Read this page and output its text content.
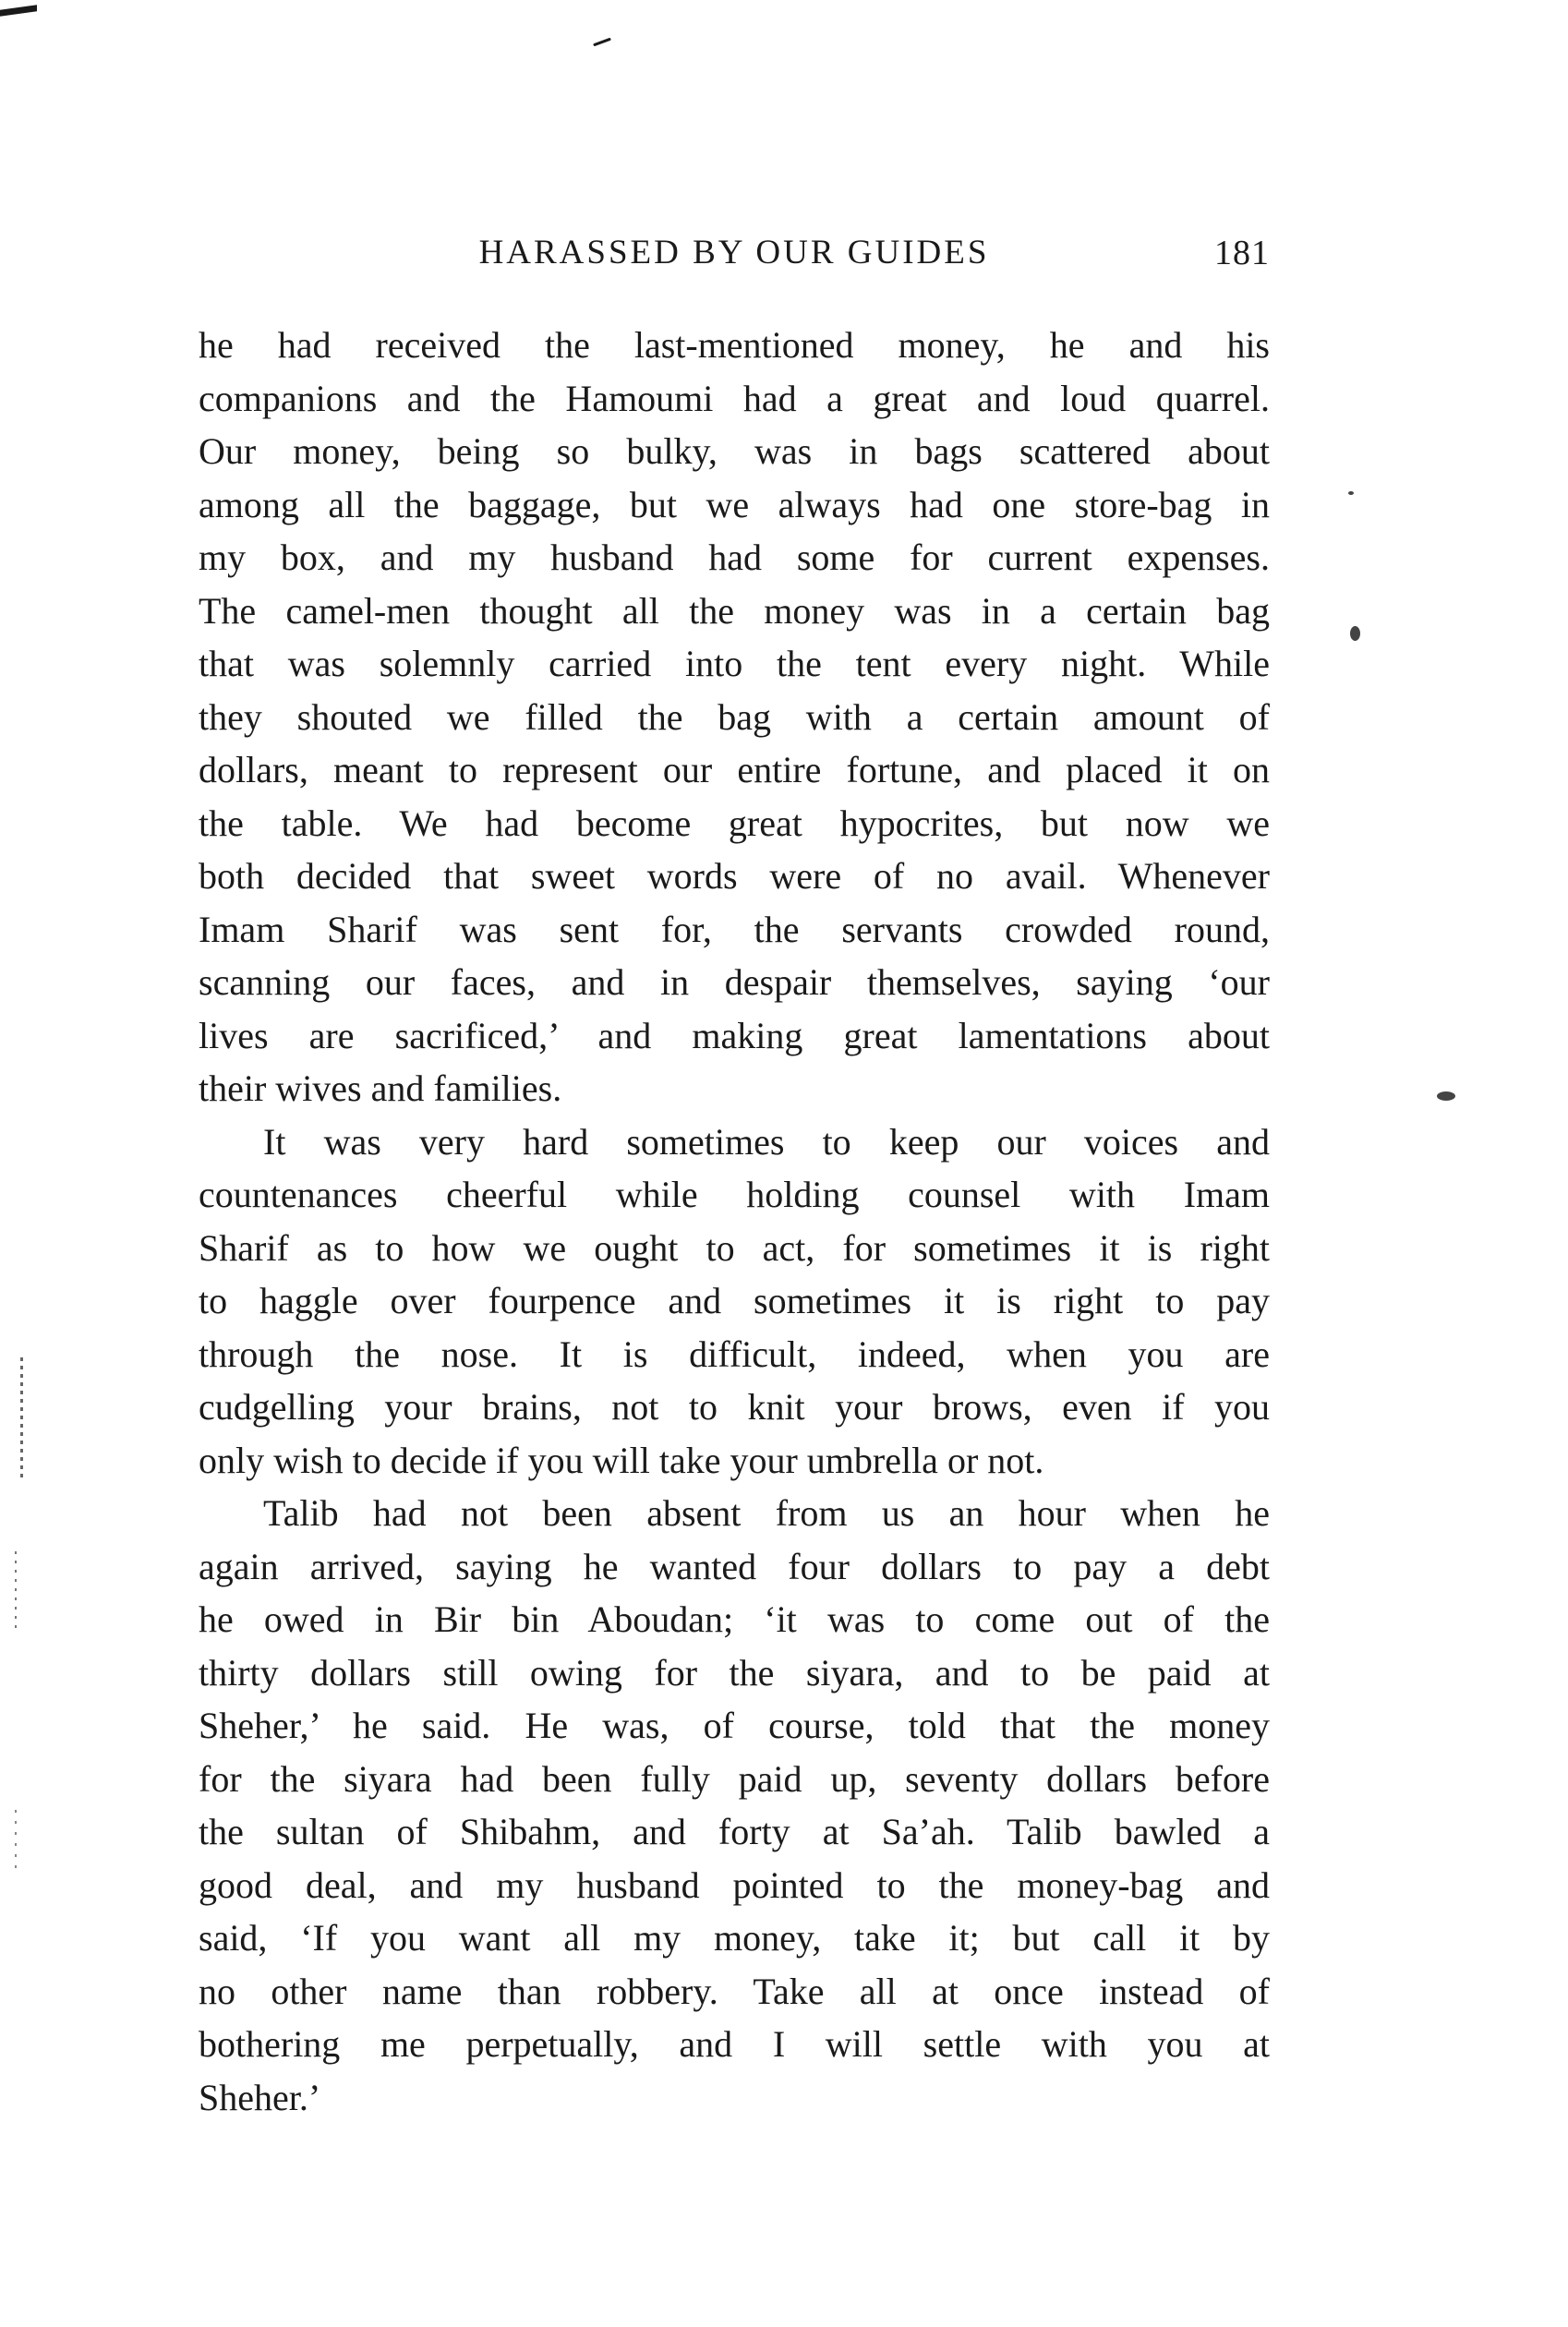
HARASSED BY OUR GUIDES	181
he had received the last-mentioned money, he and his
companions and the Hamoumi had a great and loud quarrel.
Our money, being so bulky, was in bags scattered about
among all the baggage, but we always had one store-bag in
my box, and my husband had some for current expenses.
The camel-men thought all the money was in a certain bag
that was solemnly carried into the tent every night. While
they shouted we filled the bag with a certain amount of
dollars, meant to represent our entire fortune, and placed it on
the table. We had become great hypocrites, but now we
both decided that sweet words were of no avail. Whenever
Imam Sharif was sent for, the servants crowded round,
scanning our faces, and in despair themselves, saying ‘our
lives are sacrificed,’ and making great lamentations about
their wives and families.
It was very hard sometimes to keep our voices and
countenances cheerful while holding counsel with Imam
Sharif as to how we ought to act, for sometimes it is right
to haggle over fourpence and sometimes it is right to pay
through the nose. It is difficult, indeed, when you are
cudgelling your brains, not to knit your brows, even if you
only wish to decide if you will take your umbrella or not.
Talib had not been absent from us an hour when he
again arrived, saying he wanted four dollars to pay a debt
he owed in Bir bin Aboudan; ‘it was to come out of the
thirty dollars still owing for the siyara, and to be paid at
Sheher,’ he said. He was, of course, told that the money
for the siyara had been fully paid up, seventy dollars before
the sultan of Shibahm, and forty at Sa’ah. Talib bawled a
good deal, and my husband pointed to the money-bag and
said, ‘If you want all my money, take it; but call it by
no other name than robbery. Take all at once instead of
bothering me perpetually, and I will settle with you at
Sheher.’
